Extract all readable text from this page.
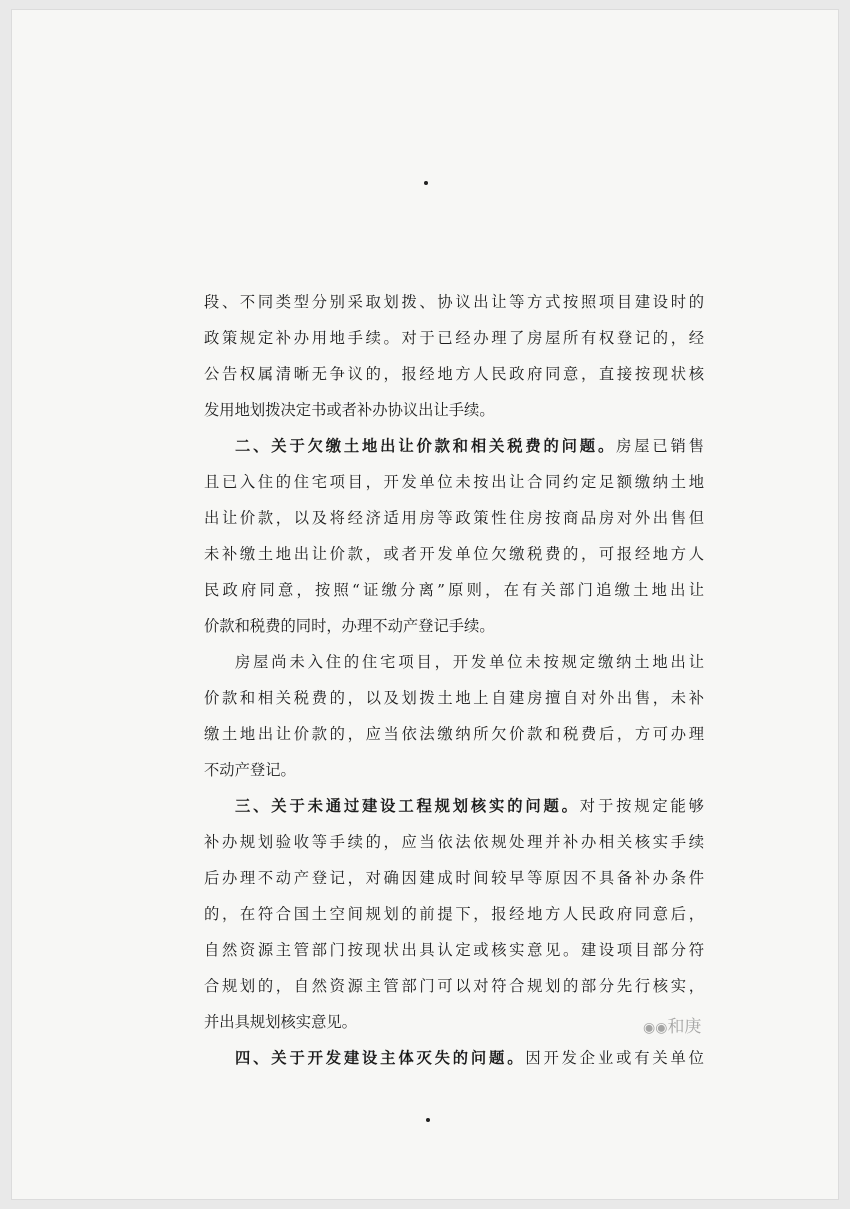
段、不同类型分别采取划拨、协议出让等方式按照项目建设时的
政策规定补办用地手续。对于已经办理了房屋所有权登记的，经
公告权属清晰无争议的，报经地方人民政府同意，直接按现状核
发用地划拨决定书或者补办协议出让手续。

二、关于欠缴土地出让价款和相关税费的问题。房屋已销售
且已入住的住宅项目，开发单位未按出让合同约定足额缴纳土地
出让价款，以及将经济适用房等政策性住房按商品房对外出售但
未补缴土地出让价款，或者开发单位欠缴税费的，可报经地方人
民政府同意，按照“证缴分离”原则，在有关部门追缴土地出让
价款和税费的同时，办理不动产登记手续。

房屋尚未入住的住宅项目，开发单位未按规定缴纳土地出让
价款和相关税费的，以及划拨土地上自建房擅自对外出售，未补
缴土地出让价款的，应当依法缴纳所欠价款和税费后，方可办理
不动产登记。

三、关于未通过建设工程规划核实的问题。对于按规定能够
补办规划验收等手续的，应当依法依规处理并补办相关核实手续
后办理不动产登记，对确因建成时间较早等原因不具备补办条件
的，在符合国土空间规划的前提下，报经地方人民政府同意后，
自然资源主管部门按现状出具认定或核实意见。建设项目部分符
合规划的，自然资源主管部门可以对符合规划的部分先行核实，
并出具规划核实意见。

四、关于开发建设主体灭失的问题。因开发企业或有关单位

◉◉和庚
